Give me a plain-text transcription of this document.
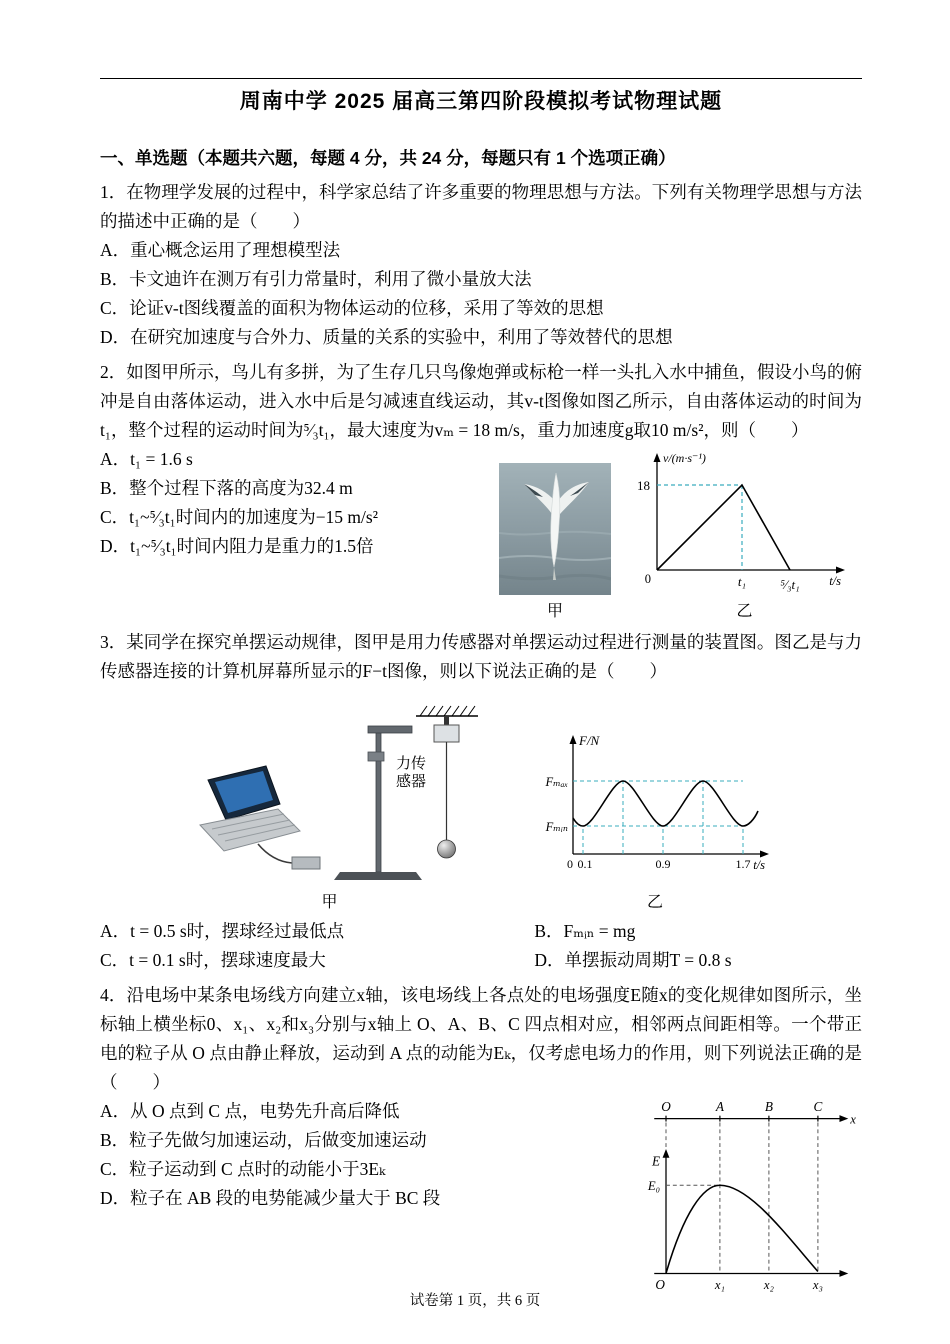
周南中学 2025 届高三第四阶段模拟考试物理试题
一、单选题（本题共六题，每题 4 分，共 24 分，每题只有 1 个选项正确）

1．在物理学发展的过程中，科学家总结了许多重要的物理思想与方法。下列有关物理学思想与方法的描述中正确的是（　　）

A．重心概念运用了理想模型法

B．卡文迪许在测万有引力常量时，利用了微小量放大法

C．论证v-t图线覆盖的面积为物体运动的位移，采用了等效的思想

D．在研究加速度与合外力、质量的关系的实验中，利用了等效替代的思想

2．如图甲所示，鸟儿有多拼，为了生存几只鸟像炮弹或标枪一样一头扎入水中捕鱼，假设小鸟的俯冲是自由落体运动，进入水中后是匀减速直线运动，其v-t图像如图乙所示，自由落体运动的时间为t₁，整个过程的运动时间为⁵⁄₃t₁，最大速度为vₘ = 18 m/s，重力加速度g取10 m/s²，则（　　）

A．t₁ = 1.6 s

B．整个过程下落的高度为32.4 m

C．t₁~⁵⁄₃t₁时间内的加速度为−15 m/s²

D．t₁~⁵⁄₃t₁时间内阻力是重力的1.5倍

甲
v/(m·s⁻¹)
t/s
18
0	t₁	⁵⁄₃t₁
乙

3．某同学在探究单摆运动规律，图甲是用力传感器对单摆运动过程进行测量的装置图。图乙是与力传感器连接的计算机屏幕所显示的F−t图像，则以下说法正确的是（　　）

力传
感器
甲
F/N
t/s
Fₘₐₓ
Fₘᵢₙ
0 0.1	0.9	1.7
乙

A．t = 0.5 s时，摆球经过最低点	B．Fₘᵢₙ = mg

C．t = 0.1 s时，摆球速度最大	D．单摆振动周期T = 0.8 s

4．沿电场中某条电场线方向建立x轴，该电场线上各点处的电场强度E随x的变化规律如图所示，坐标轴上横坐标0、x₁、x₂和x₃分别与x轴上 O、A、B、C 四点相对应，相邻两点间距相等。一个带正电的粒子从 O 点由静止释放，运动到 A 点的动能为Eₖ，仅考虑电场力的作用，则下列说法正确的是（　　）

A．从 O 点到 C 点，电势先升高后降低

B．粒子先做匀加速运动，后做变加速运动

C．粒子运动到 C 点时的动能小于3Eₖ

D．粒子在 AB 段的电势能减少量大于 BC 段

x
O	A	B	C
E
E₀
O	x₁	x₂	x₃
试卷第 1 页，共 6 页
